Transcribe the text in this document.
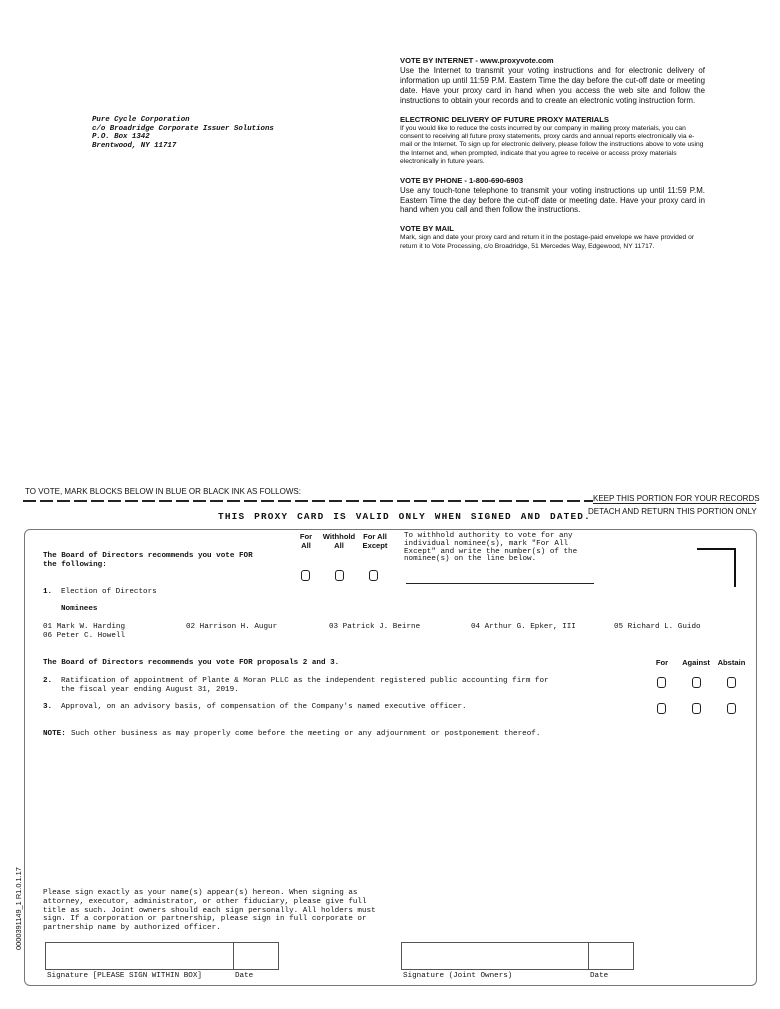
Pure Cycle Corporation
c/o Broadridge Corporate Issuer Solutions
P.O. Box 1342
Brentwood, NY 11717
VOTE BY INTERNET - www.proxyvote.com
Use the Internet to transmit your voting instructions and for electronic delivery of information up until 11:59 P.M. Eastern Time the day before the cut-off date or meeting date. Have your proxy card in hand when you access the web site and follow the instructions to obtain your records and to create an electronic voting instruction form.
ELECTRONIC DELIVERY OF FUTURE PROXY MATERIALS
If you would like to reduce the costs incurred by our company in mailing proxy materials, you can consent to receiving all future proxy statements, proxy cards and annual reports electronically via e-mail or the Internet. To sign up for electronic delivery, please follow the instructions above to vote using the Internet and, when prompted, indicate that you agree to receive or access proxy materials electronically in future years.
VOTE BY PHONE - 1-800-690-6903
Use any touch-tone telephone to transmit your voting instructions up until 11:59 P.M. Eastern Time the day before the cut-off date or meeting date. Have your proxy card in hand when you call and then follow the instructions.
VOTE BY MAIL
Mark, sign and date your proxy card and return it in the postage-paid envelope we have provided or return it to Vote Processing, c/o Broadridge, 51 Mercedes Way, Edgewood, NY 11717.
TO VOTE, MARK BLOCKS BELOW IN BLUE OR BLACK INK AS FOLLOWS:
KEEP THIS PORTION FOR YOUR RECORDS
DETACH AND RETURN THIS PORTION ONLY
THIS PROXY CARD IS VALID ONLY WHEN SIGNED AND DATED.
The Board of Directors recommends you vote FOR
the following:
For
All
Withhold
All
For All
Except
To withhold authority to vote for any
individual nominee(s), mark "For All
Except" and write the number(s) of the
nominee(s) on the line below.
1. Election of Directors
Nominees
01 Mark W. Harding	02 Harrison H. Augur	03 Patrick J. Beirne	04 Arthur G. Epker, III	05 Richard L. Guido
06 Peter C. Howell
The Board of Directors recommends you vote FOR proposals 2 and 3.	For	Against Abstain
2. Ratification of appointment of Plante & Moran PLLC as the independent registered public accounting firm for
the fiscal year ending August 31, 2019.
3. Approval, on an advisory basis, of compensation of the Company's named executive officer.
NOTE: Such other business as may properly come before the meeting or any adjournment or postponement thereof.
Please sign exactly as your name(s) appear(s) hereon. When signing as
attorney, executor, administrator, or other fiduciary, please give full
title as such. Joint owners should each sign personally. All holders must
sign. If a corporation or partnership, please sign in full corporate or
partnership name by authorized officer.
Signature [PLEASE SIGN WITHIN BOX]	Date	Signature (Joint Owners)	Date
0000391149_1 R1.0.1.17
